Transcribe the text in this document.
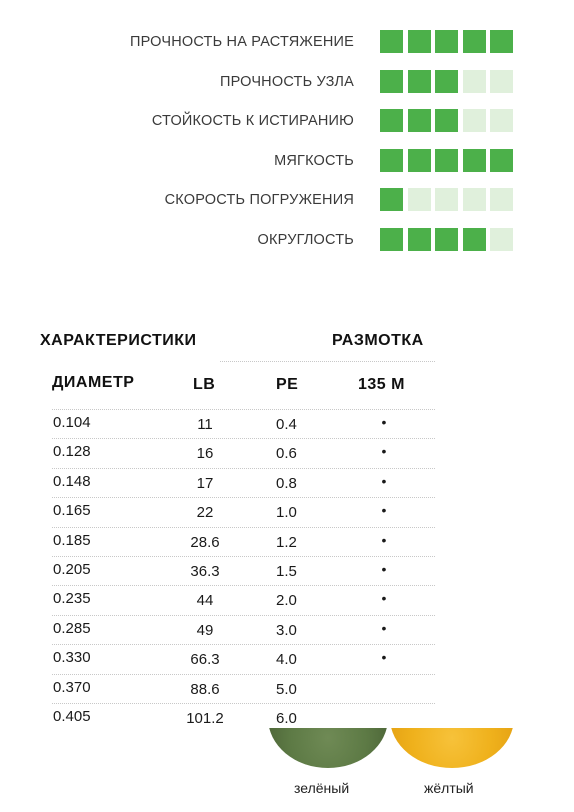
ПРОЧНОСТЬ НА РАСТЯЖЕНИЕ
ПРОЧНОСТЬ УЗЛА
СТОЙКОСТЬ К ИСТИРАНИЮ
МЯГКОСТЬ
СКОРОСТЬ ПОГРУЖЕНИЯ
ОКРУГЛОСТЬ
ХАРАКТЕРИСТИКИ	РАЗМОТКА
ДИАМЕТР	LB	PE	135 M
0.104	11	0.4	•
0.128	16	0.6	•
0.148	17	0.8	•
0.165	22	1.0	•
0.185	28.6	1.2	•
0.205	36.3	1.5	•
0.235	44	2.0	•
0.285	49	3.0	•
0.330	66.3	4.0	•
0.370	88.6	5.0
0.405	101.2	6.0
зелёный	жёлтый
